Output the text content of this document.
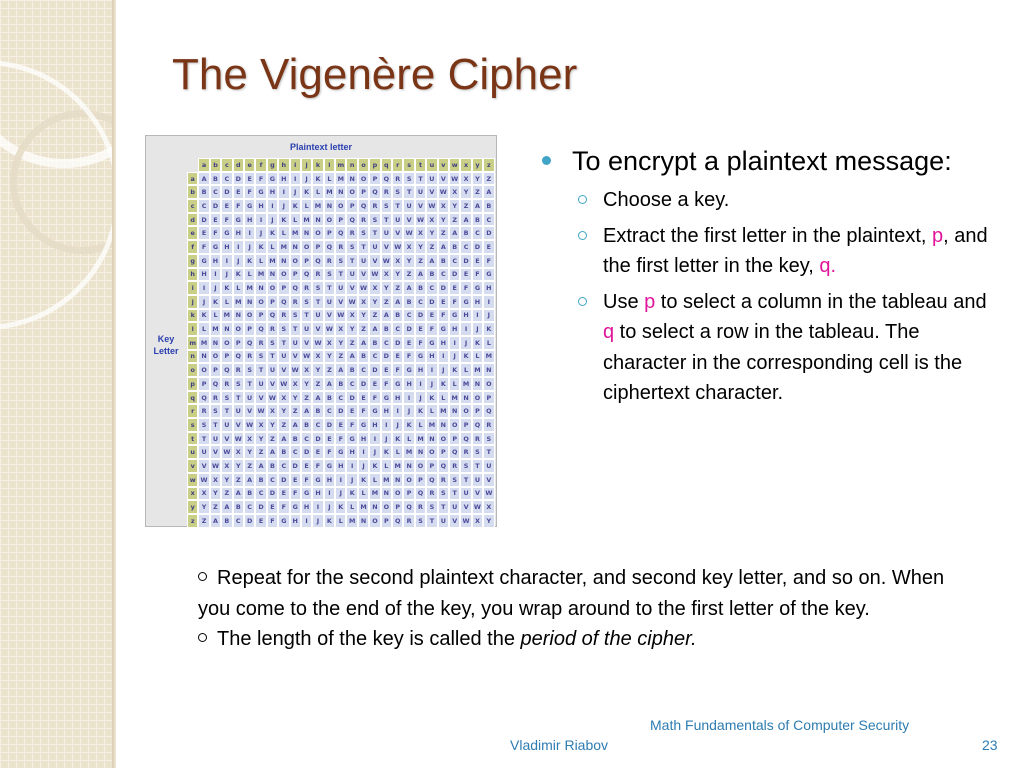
The Vigenère Cipher
Plaintext letter
Key
Letter
a	b	c	d	e	f	g	h	i	j	k	l	m n	o	p	q	r	s	t	u	v w x	y	z
a	A	B	C D	E	F	G H	I	J	K	L M N O P Q R	S	T	U V W X	Y	Z
b	B	C D	E	F	G H	I	J	K	L M N O P Q R	S	T	U V W X	Y	Z	A
c	C D	E	F	G H	I	J	K	L M N O P Q R	S	T	U V W X	Y	Z	A	B
d	D	E	F	G H	I	J	K	L M N O P Q R	S	T	U V W X	Y	Z	A	B	C
e	E	F	G H	I	J	K	L M N O P Q R	S	T	U V W X	Y	Z	A	B	C D
f	F	G H	I	J	K	L M N O P Q R	S	T	U V W X	Y	Z	A	B	C D	E
g	G H	I	J	K	L M N O P Q R	S	T	U V W X	Y	Z	A	B	C D	E	F
h	H	I	J	K	L M N O P Q R	S	T	U V W X	Y	Z	A	B	C D	E	F	G
i	I	J	K	L M N O P Q R	S	T	U V W X	Y	Z	A	B	C D	E	F	G H
j	J	K	L M N O P Q R	S	T	U V W X	Y	Z	A	B	C D	E	F	G H	I
k	K	L M N O P Q R	S	T	U V W X	Y	Z	A	B	C D	E	F	G H	I	J
l	L M N O P Q R	S	T	U V W X	Y	Z	A	B	C D	E	F	G H	I	J	K
m M N O P Q R	S	T	U V W X	Y	Z	A	B	C D	E	F	G H	I	J	K	L
n	N O P Q R	S	T	U V W X	Y	Z	A	B	C D	E	F	G H	I	J	K	L M
o	O P Q R	S	T	U V W X	Y	Z	A	B	C D	E	F	G H	I	J	K	L M N
p	P Q R	S	T	U V W X	Y	Z	A	B	C D	E	F	G H	I	J	K	L M N O
q Q R	S	T	U V W X	Y	Z	A	B	C D	E	F	G H	I	J	K	L M N O P
r	R	S	T	U V W X	Y	Z	A	B	C D	E	F	G H	I	J	K	L M N O P Q
s	S	T	U V W X	Y	Z	A	B	C D	E	F	G H	I	J	K	L M N O P Q R
t	T	U V W X	Y	Z	A	B	C D	E	F	G H	I	J	K	L M N O P Q R	S
u	U V W X	Y	Z	A	B	C D	E	F	G H	I	J	K	L M N O P Q R	S	T
v	V W X	Y	Z	A	B	C D	E	F	G H	I	J	K	L M N O P Q R	S	T	U
w W X	Y	Z	A	B	C D	E	F	G H	I	J	K	L M N O P Q R	S	T	U V
x	X	Y	Z	A	B	C D	E	F	G H	I	J	K	L M N O P Q R	S	T	U V W
y	Y	Z	A	B	C D	E	F	G H	I	J	K	L M N O P Q R	S	T	U V W X
z	Z	A	B	C D	E	F	G H	I	J	K	L M N O P Q R	S	T	U V W X	Y
To encrypt a plaintext message:
Choose a key.
Extract the first letter in the plaintext, p, and the first letter in the key, q.
Use p to select a column in the tableau and q to select a row in the tableau. The character in the corresponding cell is the ciphertext character.
Repeat for the second plaintext character, and second key letter, and so on. When you come to the end of the key, you wrap around to the first letter of the key.
The length of the key is called the period of the cipher.
Vladimir Riabov
Math Fundamentals of Computer Security
23
